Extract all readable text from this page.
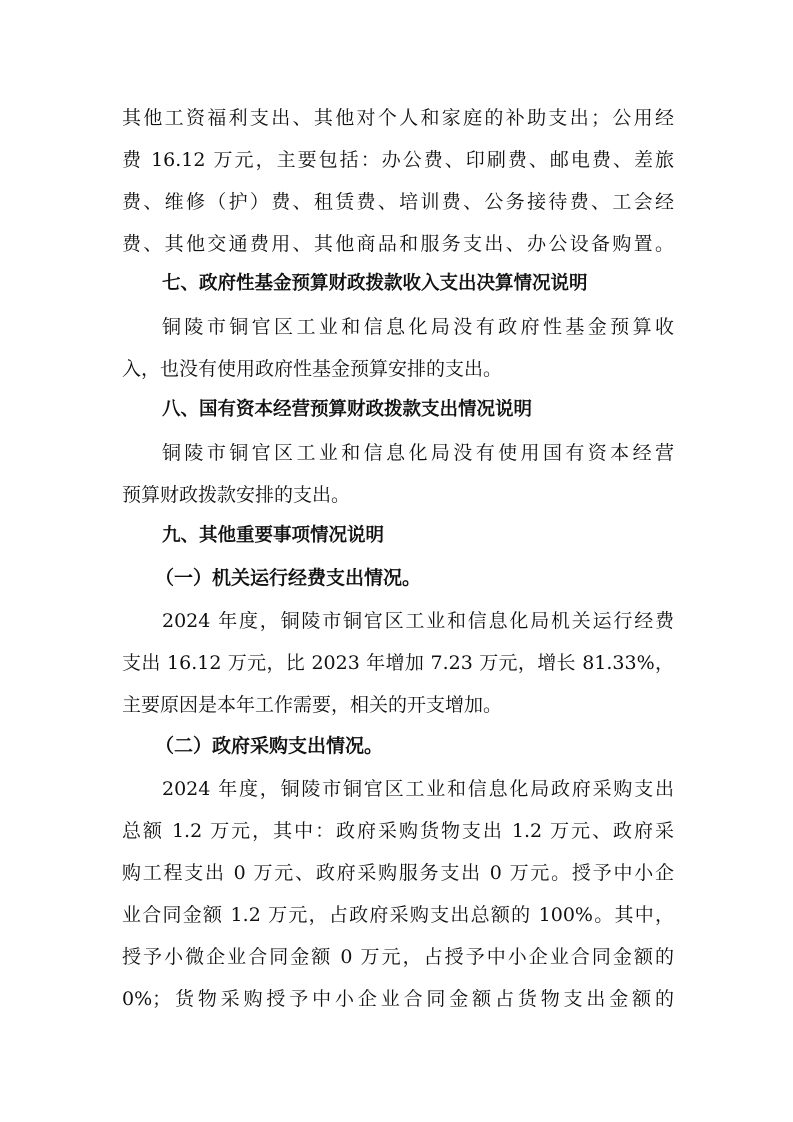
其他工资福利支出、其他对个人和家庭的补助支出；公用经
费 16.12 万元，主要包括：办公费、印刷费、邮电费、差旅
费、维修（护）费、租赁费、培训费、公务接待费、工会经
费、其他交通费用、其他商品和服务支出、办公设备购置。
七、政府性基金预算财政拨款收入支出决算情况说明
铜陵市铜官区工业和信息化局没有政府性基金预算收
入，也没有使用政府性基金预算安排的支出。
八、国有资本经营预算财政拨款支出情况说明
铜陵市铜官区工业和信息化局没有使用国有资本经营
预算财政拨款安排的支出。
九、其他重要事项情况说明
（一）机关运行经费支出情况。
2024 年度，铜陵市铜官区工业和信息化局机关运行经费
支出 16.12 万元，比 2023 年增加 7.23 万元，增长 81.33%，
主要原因是本年工作需要，相关的开支增加。
（二）政府采购支出情况。
2024 年度，铜陵市铜官区工业和信息化局政府采购支出
总额 1.2 万元，其中：政府采购货物支出 1.2 万元、政府采
购工程支出 0 万元、政府采购服务支出 0 万元。授予中小企
业合同金额 1.2 万元，占政府采购支出总额的 100%。其中，
授予小微企业合同金额 0 万元，占授予中小企业合同金额的
0%；货物采购授予中小企业合同金额占货物支出金额的
